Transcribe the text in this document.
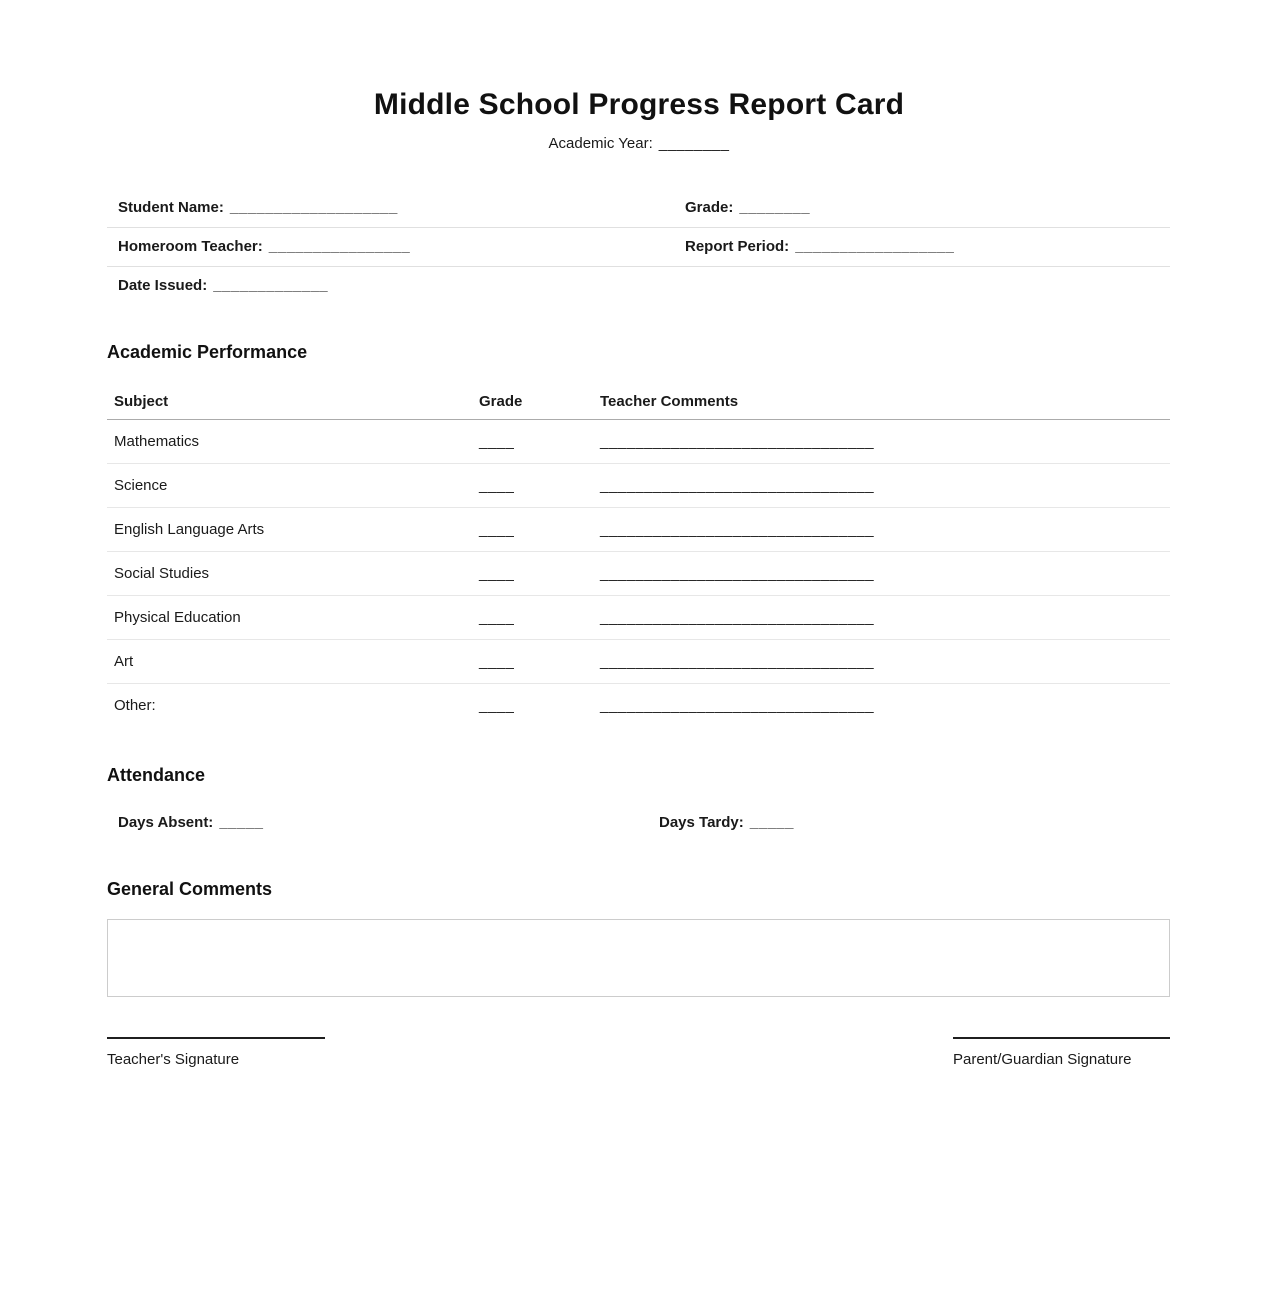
Middle School Progress Report Card
Academic Year: ________
Student Name: ___________________	Grade: ________
Homeroom Teacher: ________________	Report Period: __________________
Date Issued: _____________
Academic Performance
Subject	Grade	Teacher Comments
Mathematics	____	_______________________________
Science	____	_______________________________
English Language Arts	____	_______________________________
Social Studies	____	_______________________________
Physical Education	____	_______________________________
Art	____	_______________________________
Other:	____	_______________________________
Attendance
Days Absent: _____	Days Tardy: _____
General Comments
Teacher's Signature	Parent/Guardian Signature
